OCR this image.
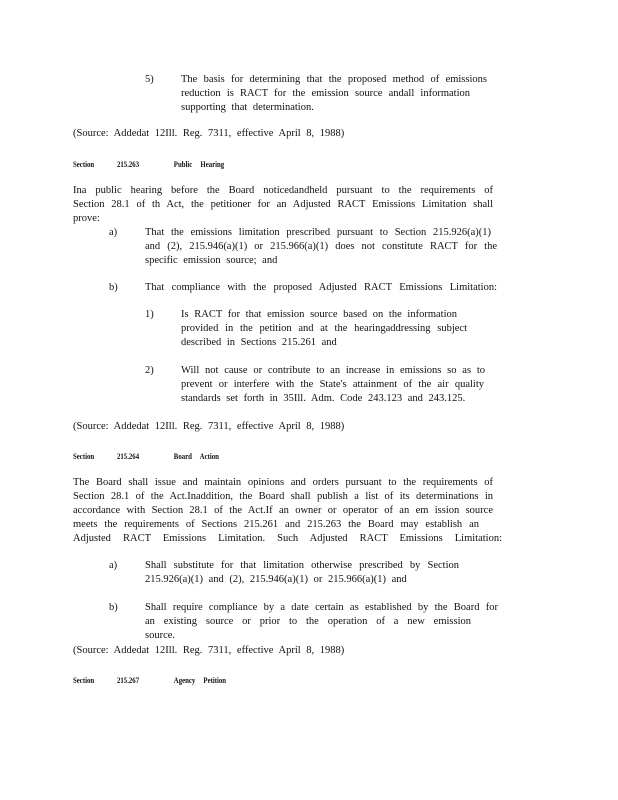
5)	The basis for determining that the proposed method of emissions
reduction is RACT for the emission source andall information
supporting that determination.
(Source: Addedat 12Ill. Reg. 7311, effective April 8, 1988)
Section	215.263	Public Hearing
Ina public hearing before the Board noticedandheld pursuant to the requirements of
Section 28.1 of th Act, the petitioner for an Adjusted RACT Emissions Limitation shall
prove:
a)	That the emissions limitation prescribed pursuant to Section 215.926(a)(1)
and (2), 215.946(a)(1) or 215.966(a)(1) does not constitute RACT for the
specific emission source; and
b)	That compliance with the proposed Adjusted RACT Emissions Limitation:
1)	Is RACT for that emission source based on the information
provided in the petition and at the hearingaddressing subject
described in Sections 215.261 and
2)	Will not cause or contribute to an increase in emissions so as to
prevent or interfere with the State's attainment of the air quality
standards set forth in 35Ill. Adm. Code 243.123 and 243.125.
(Source: Addedat 12Ill. Reg. 7311, effective April 8, 1988)
Section	215.264	Board Action
The Board shall issue and maintain opinions and orders pursuant to the requirements of
Section 28.1 of the Act.Inaddition, the Board shall publish a list of its determinations in
accordance with Section 28.1 of the Act.If an owner or operator of an em ission source
meets the requirements of Sections 215.261 and 215.263 the Board may establish an
Adjusted RACT Emissions Limitation. Such Adjusted RACT Emissions Limitation:
a)	Shall substitute for that limitation otherwise prescribed by Section
215.926(a)(1) and (2), 215.946(a)(1) or 215.966(a)(1) and
b)	Shall require compliance by a date certain as established by the Board for
an existing source or prior to the operation of a new emission source.
(Source: Addedat 12Ill. Reg. 7311, effective April 8, 1988)
Section	215.267	Agency Petition
